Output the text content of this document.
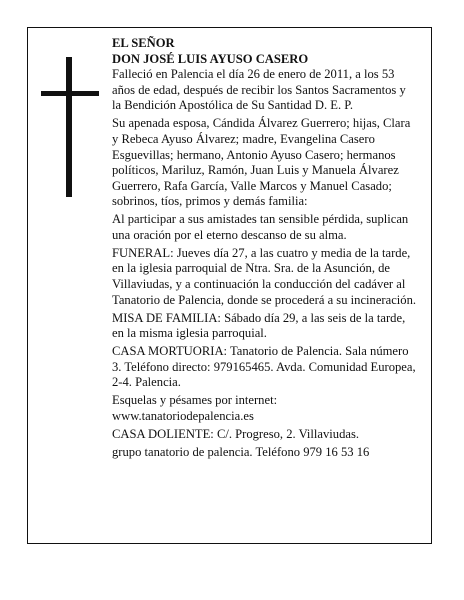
EL SEÑOR
DON JOSÉ LUIS AYUSO CASERO

Falleció en Palencia el día 26 de enero de 2011, a los 53 años de edad, después de recibir los Santos Sacramentos y la Bendición Apostólica de Su Santidad D. E. P.

Su apenada esposa, Cándida Álvarez Guerrero; hijas, Clara y Rebeca Ayuso Álvarez; madre, Evangelina Casero Esguevillas; hermano, Antonio Ayuso Casero; hermanos políticos, Mariluz, Ramón, Juan Luis y Manuela Álvarez Guerrero, Rafa García, Valle Marcos y Manuel Casado; sobrinos, tíos, primos y demás familia:

Al participar a sus amistades tan sensible pérdida, suplican una oración por el eterno descanso de su alma.

FUNERAL: Jueves día 27, a las cuatro y media de la tarde, en la iglesia parroquial de Ntra. Sra. de la Asunción, de Villaviudas, y a continuación la conducción del cadáver al Tanatorio de Palencia, donde se procederá a su incineración.

MISA DE FAMILIA: Sábado día 29, a las seis de la tarde, en la misma iglesia parroquial.

CASA MORTUORIA: Tanatorio de Palencia. Sala número 3. Teléfono directo: 979165465. Avda. Comunidad Europea, 2-4. Palencia.

Esquelas y pésames por internet:
www.tanatoriodepalencia.es

CASA DOLIENTE: C/. Progreso, 2. Villaviudas.

grupo tanatorio de palencia. Teléfono 979 16 53 16
